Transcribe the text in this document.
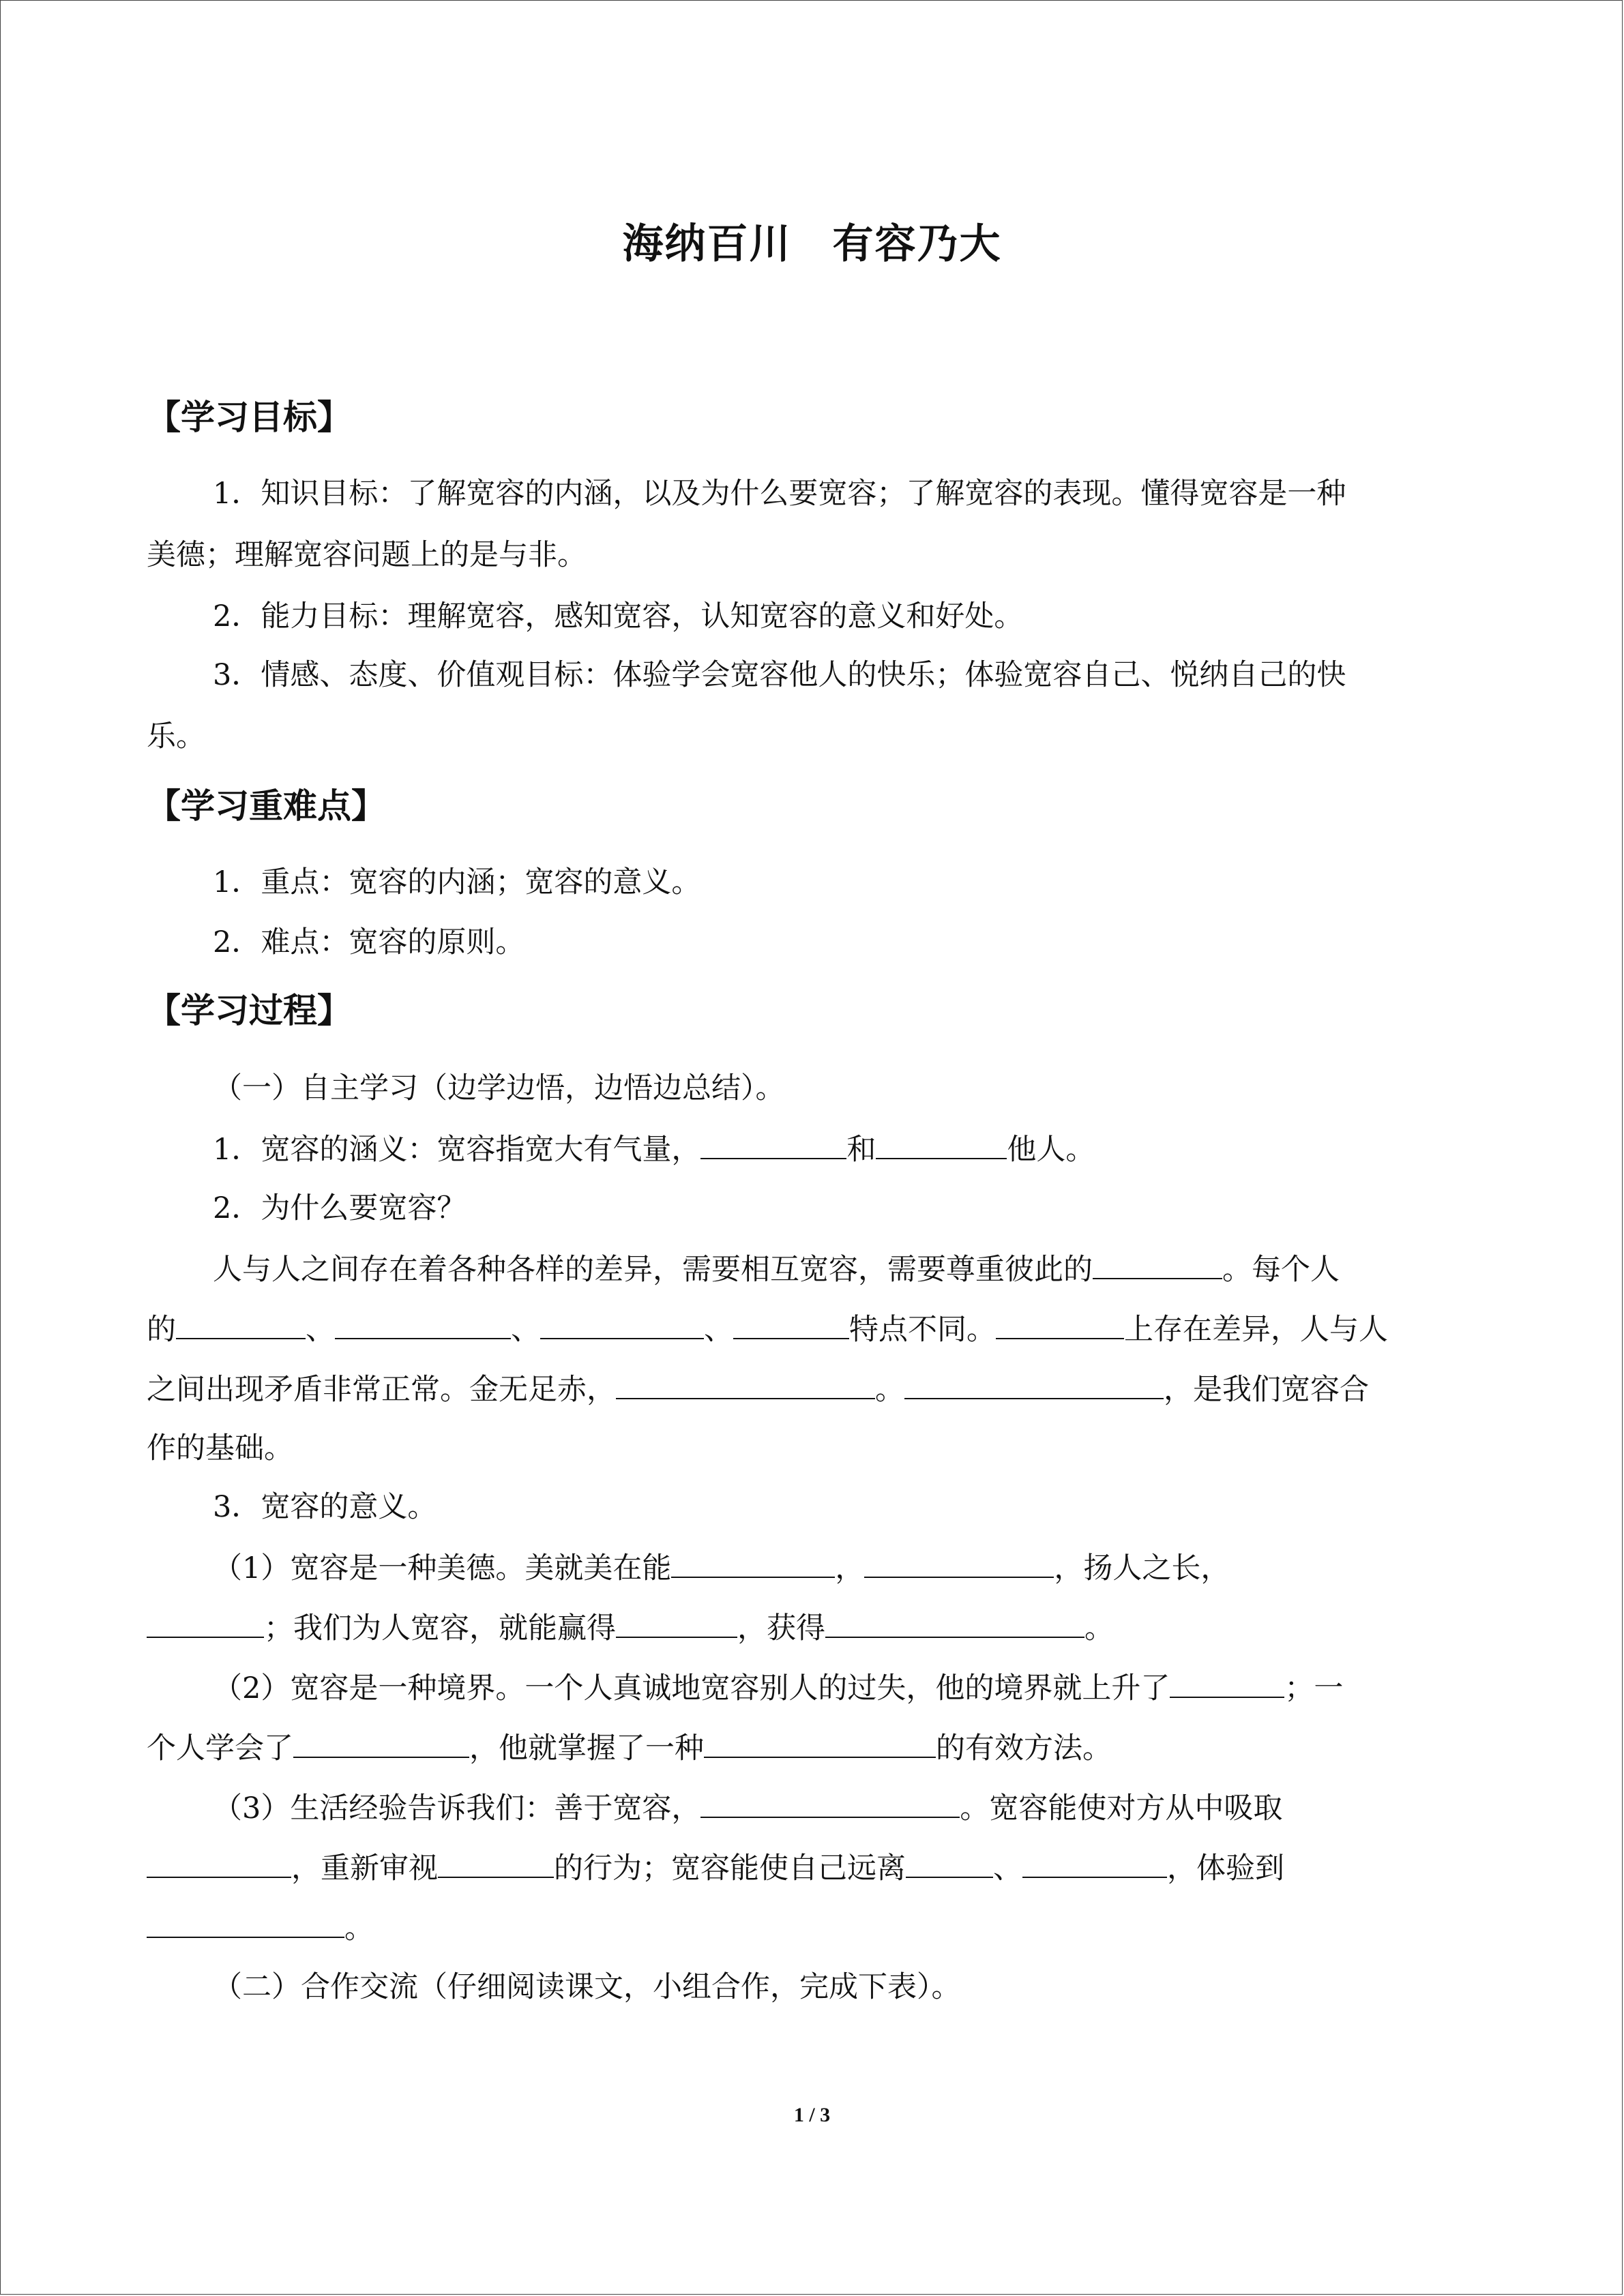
海纳百川 有容乃大
【学习目标】

1．知识目标：了解宽容的内涵，以及为什么要宽容；了解宽容的表现。懂得宽容是一种

美德；理解宽容问题上的是与非。

2．能力目标：理解宽容，感知宽容，认知宽容的意义和好处。

3．情感、态度、价值观目标：体验学会宽容他人的快乐；体验宽容自己、悦纳自己的快

乐。

【学习重难点】

1．重点：宽容的内涵；宽容的意义。

2．难点：宽容的原则。

【学习过程】

（一）自主学习（边学边悟，边悟边总结）。

1．宽容的涵义：宽容指宽大有气量，	和	他人。

2．为什么要宽容？

人与人之间存在着各种各样的差异，需要相互宽容，需要尊重彼此的	。每个人

的	、	、	、	特点不同。	上存在差异，人与人

之间出现矛盾非常正常。金无足赤，	。	，是我们宽容合

作的基础。

3．宽容的意义。

（1）宽容是一种美德。美就美在能	，	，扬人之长，

；我们为人宽容，就能赢得	，获得	。

（2）宽容是一种境界。一个人真诚地宽容别人的过失，他的境界就上升了	；一

个人学会了	，他就掌握了一种	的有效方法。

（3）生活经验告诉我们：善于宽容，	。宽容能使对方从中吸取

，重新审视	的行为；宽容能使自己远离	、	，体验到

。

（二）合作交流（仔细阅读课文，小组合作，完成下表）。

1 / 3
